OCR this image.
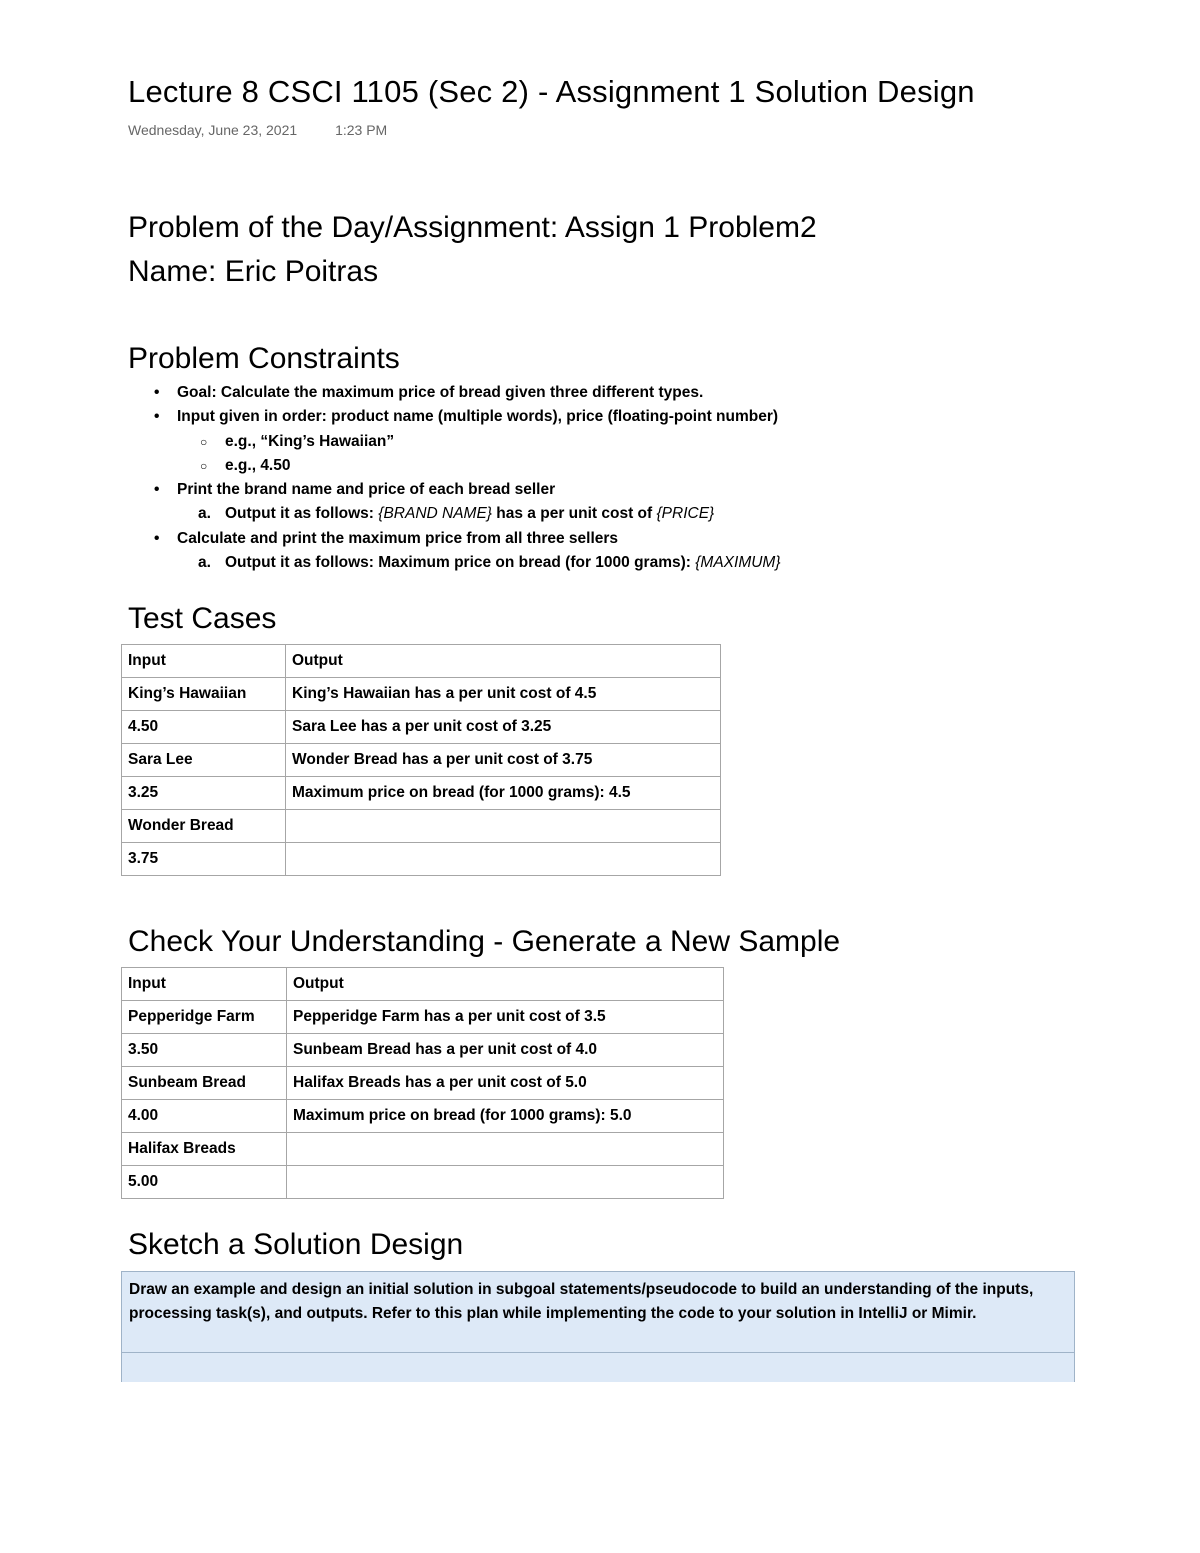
Lecture 8 CSCI 1105 (Sec 2) - Assignment 1 Solution Design
Wednesday, June 23, 2021	1:23 PM
Problem of the Day/Assignment: Assign 1 Problem2
Name: Eric Poitras
Problem Constraints
• Goal: Calculate the maximum price of bread given three different types.
• Input given in order: product name (multiple words), price (floating-point number)
○ e.g., “King’s Hawaiian”
○ e.g., 4.50
• Print the brand name and price of each bread seller
a. Output it as follows: {BRAND NAME} has a per unit cost of {PRICE}
• Calculate and print the maximum price from all three sellers
a. Output it as follows: Maximum price on bread (for 1000 grams): {MAXIMUM}
Test Cases
Input	Output
King’s Hawaiian	King’s Hawaiian has a per unit cost of 4.5
4.50	Sara Lee has a per unit cost of 3.25
Sara Lee	Wonder Bread has a per unit cost of 3.75
3.25	Maximum price on bread (for 1000 grams): 4.5
Wonder Bread	
3.75	
Check Your Understanding - Generate a New Sample
Input	Output
Pepperidge Farm	Pepperidge Farm has a per unit cost of 3.5
3.50	Sunbeam Bread has a per unit cost of 4.0
Sunbeam Bread	Halifax Breads has a per unit cost of 5.0
4.00	Maximum price on bread (for 1000 grams): 5.0
Halifax Breads	
5.00	
Sketch a Solution Design
Draw an example and design an initial solution in subgoal statements/pseudocode to build an understanding of the inputs, processing task(s), and outputs. Refer to this plan while implementing the code to your solution in IntelliJ or Mimir.
